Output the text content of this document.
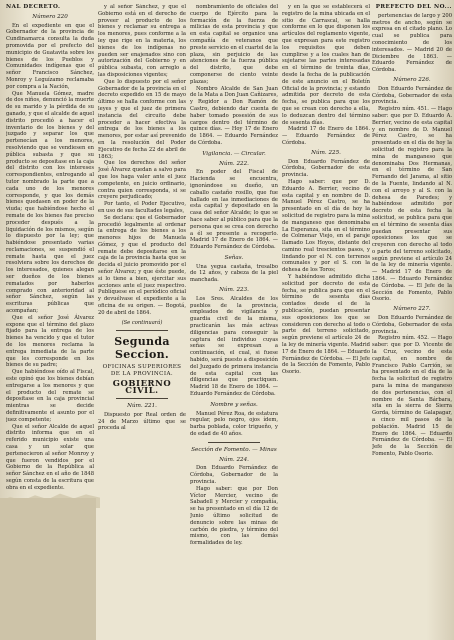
NAL DECRETO.
Número 220
En el expediente en que el Gobernador de la provincia de Cundinamarca consulta la duda promovida por el prefecto del municipio de Guatavita sobre los bienes de los Pueblos y Comunidades indígenas que el señor Francisco Sánchez, Monroy y Leguízamo reclamaba por compra a la Nación,
Que Manuela Gómez, madre de dos niños, denunció la muerte de su marido y la pérdida de su ganado, y que el alcalde de aquel distrito procedió a hacer el inventario de los bienes y del juzgado y separar los que pertenecían a los menores, resolviendo que se vendiesen en pública subasta y que su producto se depositase en la caja del distrito con los intereses correspondientes, entregando al tutor nombrado la parte que a cada uno de los menores corresponde, y que los demás bienes quedasen en poder de la viuda; que habiéndose hecho el remate de los bienes fue preciso proceder después a la liquidación de los mismos, según lo dispuesto por la ley; que habiéndose presentado varias reclamaciones, se suspendió el remate hasta que el juez resolviera sobre los derechos de los interesados, quienes alegan ser dueños de los bienes rematados por haberlos comprado con anterioridad al señor Sánchez, según las escrituras públicas que acompañan;
Que el señor José Álvarez expone que el término del plazo fijado para la entrega de los bienes ha vencido y que el tutor de los menores reclama la entrega inmediata de la parte que les corresponde en los bienes de su padre;
Que habiéndose oído al Fiscal, este opinó que los bienes debían entregarse a los menores y que el producto del remate se depositase en la caja provincial mientras se decide definitivamente el asunto por el juez competente;
Que el señor Alcalde de aquel distrito informa que en el referido municipio existe una casa y un solar que pertenecieron al señor Monroy y que fueron vendidos por el Gobierno de la República al señor Sánchez en el año de 1848 según consta de la escritura que obra en el expediente.
y al señor Sánchez, y que el Gobierno está en el derecho de proveer al producto de los bienes y reclamar su entrega a los menores, pues conforme a la ley que rige en la materia, los bienes de los indígenas no pueden ser enajenados sino con autorización del Gobierno y en pública subasta, con arreglo a las disposiciones vigentes;
Que lo dispuesto por el señor Gobernador de la provincia en el decreto expedido en 15 de mayo último se halla conforme con las leyes y que el juez de primera instancia del circuito debe proceder a hacer efectiva la entrega de los bienes a los menores, por estar así prevenido en la resolución del Poder Ejecutivo de fecha 22 de abril de 1863;
Que los derechos del señor José Álvarez quedan a salvo para que los haga valer ante el juez competente, en juicio ordinario, contra quien corresponda, si se creyere perjudicado;
Por tanto, el Poder Ejecutivo, en uso de sus facultades legales,
Se declara: que el Gobernador procedió legalmente al ordenar la entrega de los bienes a los menores hijos de Manuela Gómez, y que el producto del remate debe depositarse en la caja de la provincia hasta que se decida el juicio promovido por el señor Álvarez; y que éste puede, si lo tiene a bien, ejercitar sus acciones ante el juez respectivo. Publíquese en el periódico oficial y devuélvase el expediente a la oficina de su origen. — Bogotá, 20 de abril de 1864.
(Se continuará)
Segunda Seccion.
OFICINAS SUPERIORES DE LA PROVINCIA.
GOBIERNO CIVIL.
Núm. 221.
Dispuesto por Real orden de 24 de Marzo último que se proceda al
nombramiento de oficiales del cuerpo de Ejército para la formación de la fuerza de milicias de esta provincia y que en esta capital se organice una compañía de veteranos que preste servicio en el cuartel de la plaza, sin perjuicio de las atenciones de la fuerza pública del distrito, que debe componerse de ciento veinte plazas;
Nombro Alcalde de San Juan de la Mata a Don Juan Cañizares, y Regidor a Don Ramón de Castro, debiendo dar cuenta de haber tomado posesión de sus cargos dentro del término de quince días. — Hoy 17 de Enero de 1864. — Eduardo Fernández de Córdoba.
Vigilancia. — Circular.
Núm. 222.
En poder del Fiscal de Hacienda se encuentra, ignorándose su dueño, un caballo castaño rosillo, que fue hallado en las inmediaciones de esta capital y depositado en la casa del señor Alcalde; lo que se hace saber al público para que la persona que se crea con derecho a él se presente a recogerlo. Madrid 17 de Enero de 1864. — Eduardo Fernández de Córdoba.
Señas.
Una yegua castaña, tresalbo de 12 años, y cabeza de la piel manchada.
Núm. 223.
Los Sres. Alcaldes de los pueblos de la provincia, empleados de vigilancia y guardia civil de la misma, practicarán las más activas diligencias para conseguir la captura del individuo cuyas señas se expresan a continuación, el cual, si fuese habido, será puesto a disposición del Juzgado de primera instancia de esta capital con las diligencias que practiquen. Madrid 18 de Enero de 1864. — Eduardo Fernández de Córdoba.
Nombre y señas.
Manuel Pérez Roa, de estatura regular, pelo negro, ojos ídem, barba poblada, color trigueño, y de edad de 40 años.
Sección de Fomento. — Minas
Núm. 224.
Don Eduardo Fernández de Córdoba, Gobernador de la provincia.
Hago saber: que por Don Víctor Mercier, vecino de Sabadell y Mercier y compañía, se ha presentado en el día 12 de Junio último solicitud de denuncio sobre las minas de carbón de piedra, y término del mismo, con las demás formalidades de ley.
y en la que se establecerá el registro de la mina ubicada en el sitio de Carrascal, se halla conforme en lo que disponen los artículos del reglamento vigente, que expresan para este registro los requisitos que deben cumplirse y a los cuales han de sujetarse las partes interesadas en el término de treinta días, desde la fecha de la publicación de este anuncio en el Boletín Oficial de la provincia; y estando admitida por decreto de esta fecha, se publica para que los que se crean con derecho a ella, lo deduzcan dentro del término de sesenta días.
Madrid 17 de Enero de 1864. — Eduardo Fernández de Córdoba.
Núm. 225.
Don Eduardo Fernández de Córdoba, Gobernador de esta provincia.
Hago saber: que por D. Eduardo A. Berrier, vecino de esta capital y en nombre de D. Manuel Pérez Castro, se ha presentado en el día de hoy la solicitud de registro para la mina de manganeso que denominaba La Esperanza, sita en el término de Colmenar Viejo, en el paraje llamado Los Hoyos, distante del camino real trescientos pasos, y lindando por el N. con terrenos comunales y por el S. con la dehesa de los Toros;
Y habiéndose admitido dicha solicitud por decreto de esta fecha, se publica para que en el término de sesenta días contados desde el de la publicación, puedan presentar sus oposiciones los que se consideren con derecho al todo o parte del terreno solicitado, según previene el artículo 24 de la ley de minería vigente. Madrid 17 de Enero de 1864. — Eduardo Fernández de Córdoba. — El Jefe de la Sección de Fomento, Pablo Osorio.
PREFECTO DEL NO...
pertenencias de largo y 200 metros de ancho, según se expresa en el citado plano. Lo cual se publica para conocimiento de los interesados. — Madrid 20 de Diciembre de 1863. — Eduardo Fernández de Córdoba.
Número 226.
Don Eduardo Fernández de Córdoba, Gobernador de esta provincia.
Registro núm. 451. — Hago saber: que por D. Eduardo A. Berrier, vecino de esta capital y en nombre de D. Manuel Pérez Castro, se ha presentado en el día de hoy la solicitud de registro para la mina de manganeso que denominaba Dos Hermanas, en el término de San Fernando del Jarama, al sitio de la Fuente, lindando al N. con el arroyo y al S. con la dehesa de Paredes; y habiéndose admitido por decreto de esta fecha la solicitud, se publica para que en el término de sesenta días puedan presentar sus oposiciones los que se creyeren con derecho al todo o parte del terreno solicitado, según previene el artículo 24 de la ley de minería vigente. — Madrid 17 de Enero de 1864. — Eduardo Fernández de Córdoba. — El Jefe de la Sección de Fomento, Pablo Osorio.
Número 227.
Don Eduardo Fernández de Córdoba, Gobernador de esta provincia.
Registro núm. 452. — Hago saber: que por D. Vicente de la Cruz, vecino de esta capital, en nombre de Francisco Pablo Carrión, se ha presentado en el día de la fecha la solicitud de registro para la mina de manganeso de dos pertenencias, con el nombre de Santa Bárbara, sita en la sierra de Sierra Gorda, término de Galapagar, a cinco mil pasos de la población. Madrid 15 de Enero de 1864. — Eduardo Fernández de Córdoba. — El Jefe de la Sección de Fomento, Pablo Osorio.
